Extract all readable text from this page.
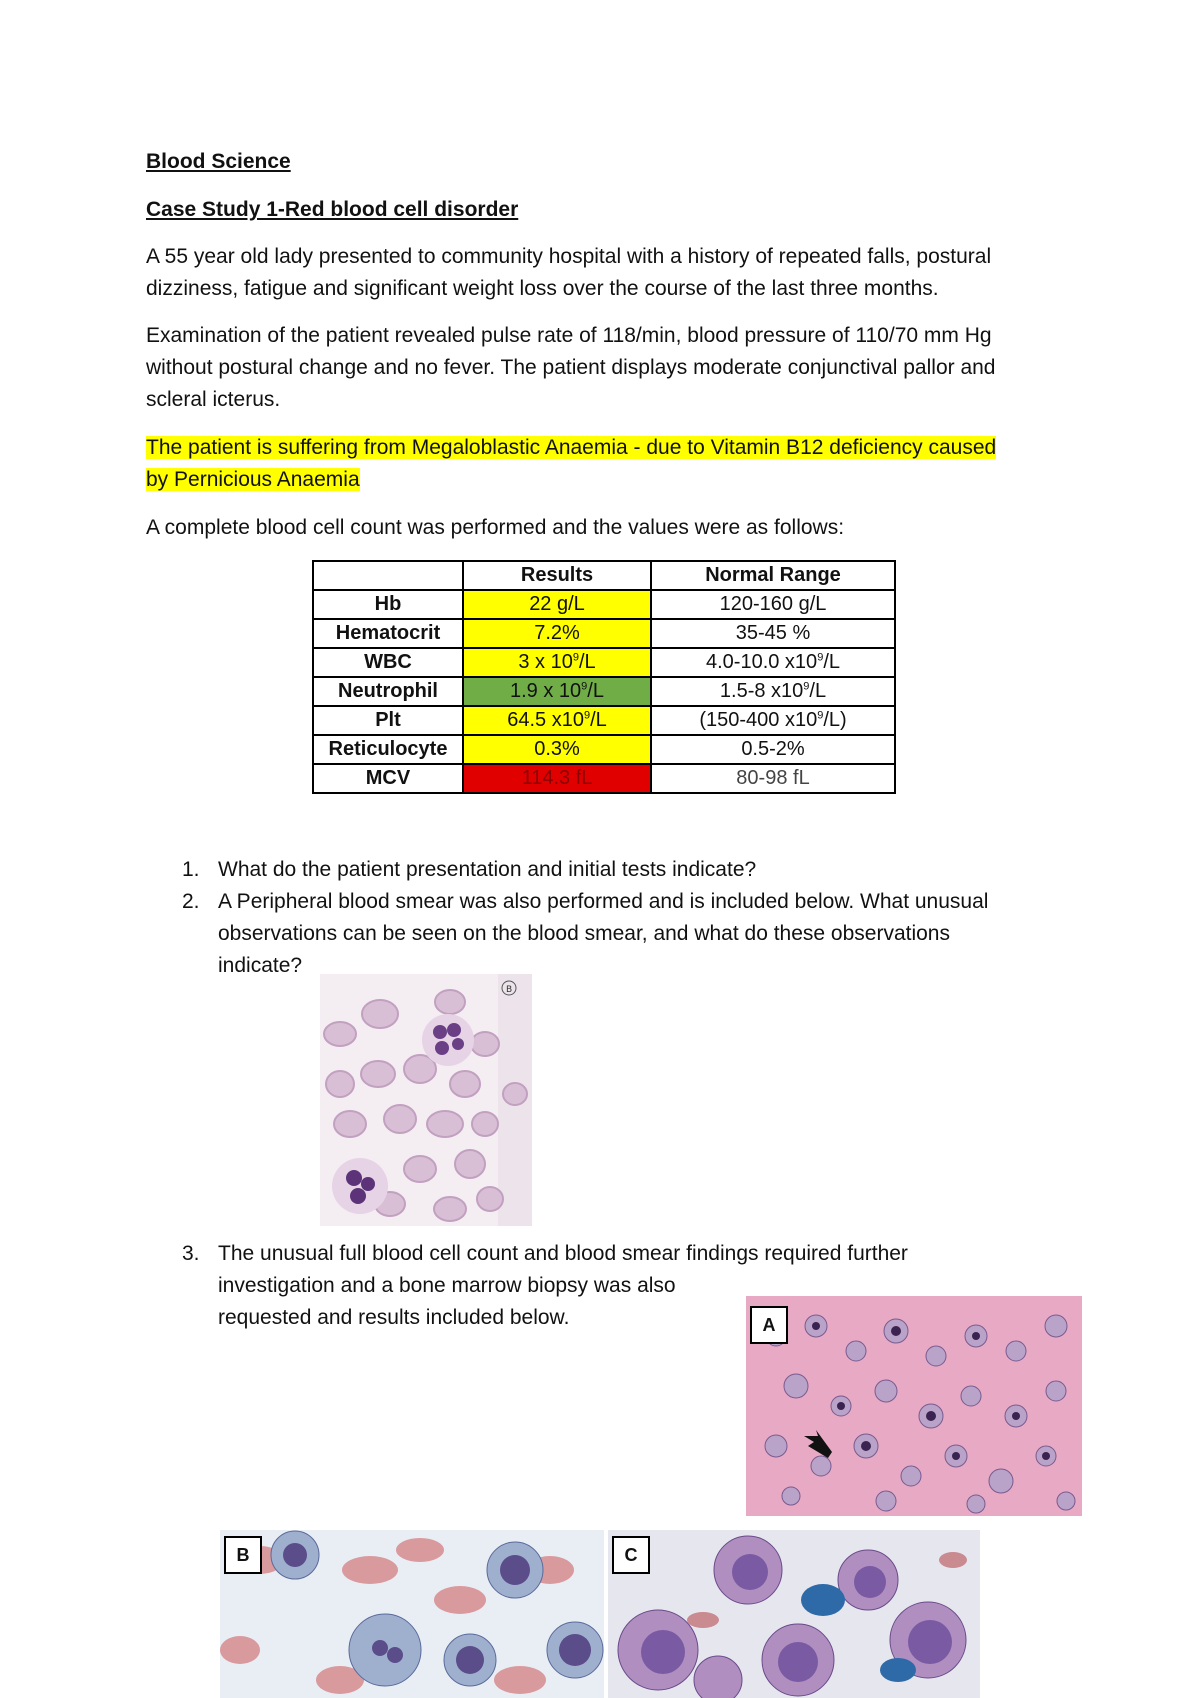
Blood Science
Case Study 1-Red blood cell disorder
A 55 year old lady presented to community hospital with a history of repeated falls, postural
dizziness, fatigue and significant weight loss over the course of the last three months.
Examination of the patient revealed pulse rate of 118/min, blood pressure of 110/70 mm Hg
without postural change and no fever. The patient displays moderate conjunctival pallor and
scleral icterus.
The patient is suffering from Megaloblastic Anaemia - due to Vitamin B12 deficiency caused
by Pernicious Anaemia
A complete blood cell count was performed and the values were as follows:
	Results	Normal Range
Hb	22 g/L	120-160 g/L
Hematocrit	7.2%	35-45 %
WBC	3 x $10^9/L$	4.0-10.0 $x10^9/L$
Neutrophil	1.9 x $10^9/L$	1.5-8 $x10^9/L$
Plt	64.5 $x10^9/L$	(150-400 $x10^9/L$)
Reticulocyte	0.3%	0.5-2%
MCV	114.3 fL	80-98 fL
1. What do the patient presentation and initial tests indicate?
2. A Peripheral blood smear was also performed and is included below. What unusual
observations can be seen on the blood smear, and what do these observations
indicate?
B
3. The unusual full blood cell count and blood smear findings required further
investigation and a bone marrow biopsy was also
requested and results included below.	A
B	C
